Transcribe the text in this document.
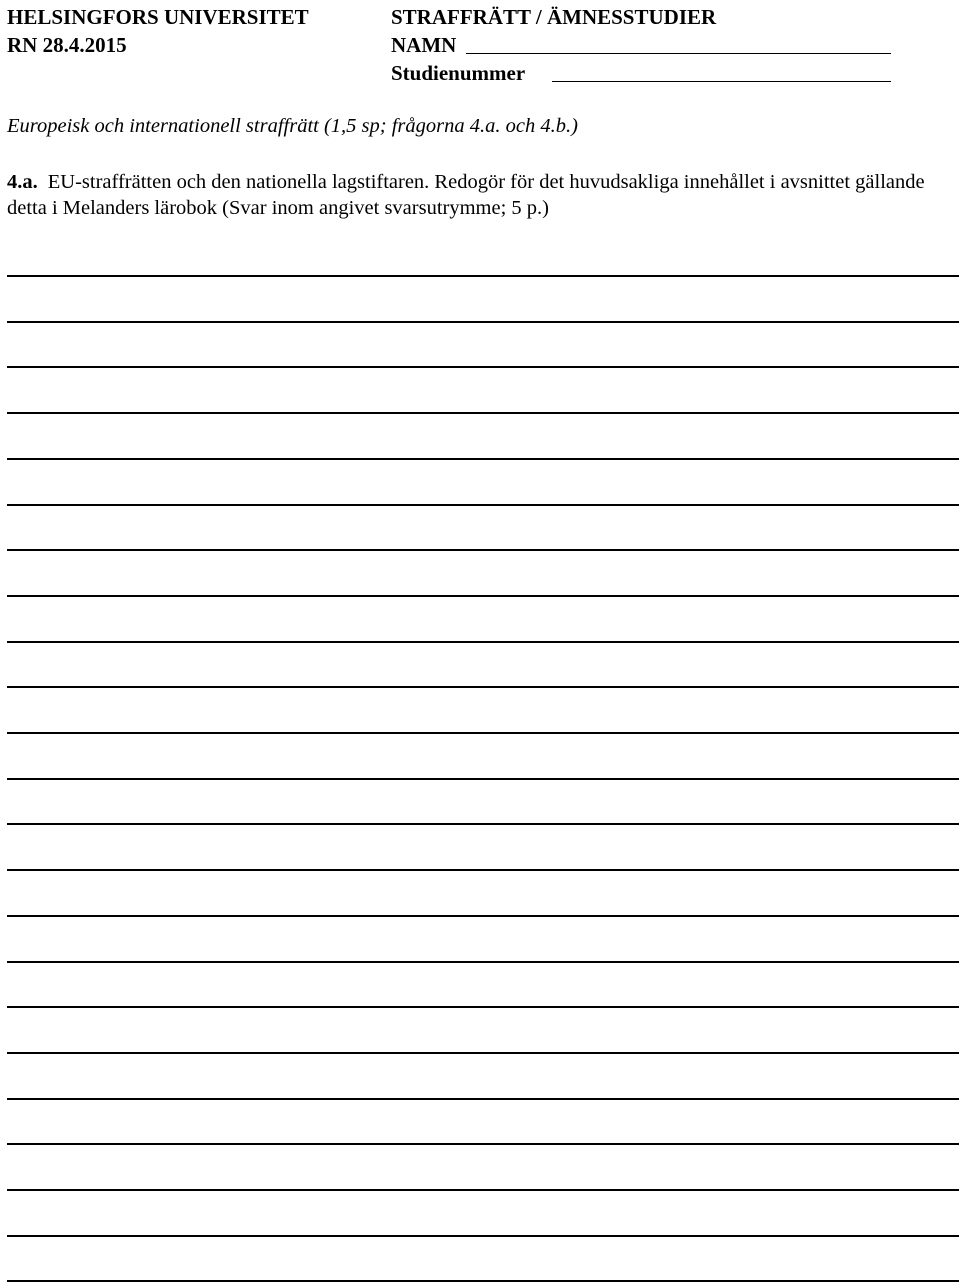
HELSINGFORS UNIVERSITET
RN 28.4.2015
STRAFFRÄTT / ÄMNESSTUDIER
NAMN
Studienummer
Europeisk och internationell straffrätt (1,5 sp; frågorna 4.a. och 4.b.)
4.a. EU-straffrätten och den nationella lagstiftaren. Redogör för det huvudsakliga innehållet i avsnittet gällande detta i Melanders lärobok (Svar inom angivet svarsutrymme; 5 p.)
